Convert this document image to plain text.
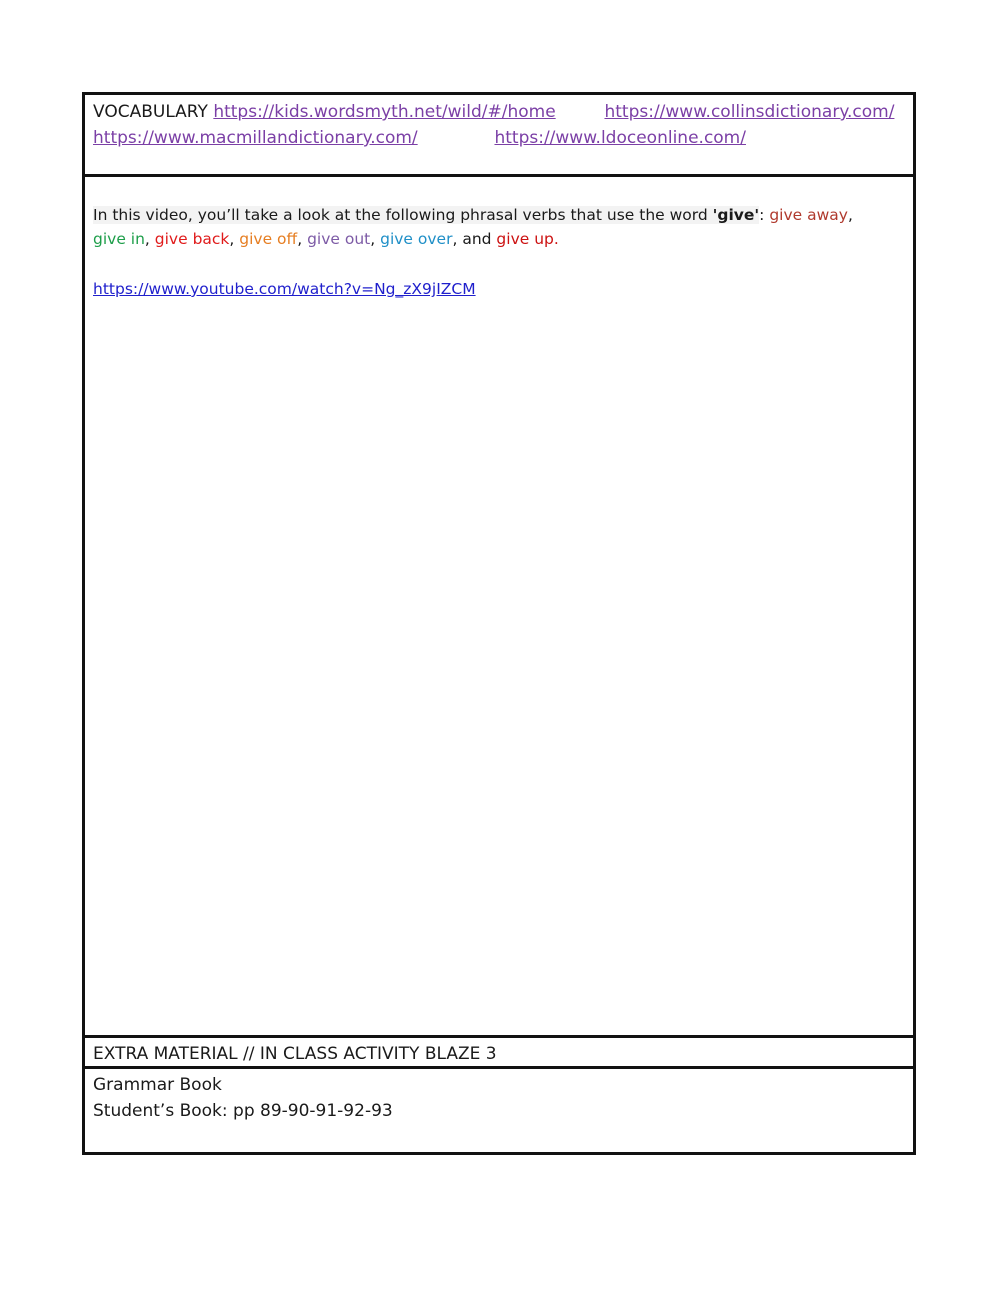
VOCABULARY https://kids.wordsmyth.net/wild/#/home	https://www.collinsdictionary.com/
https://www.macmillandictionary.com/	https://www.ldoceonline.com/
In this video, you’ll take a look at the following phrasal verbs that use the word 'give': give away,
give in, give back, give off, give out, give over, and give up.
https://www.youtube.com/watch?v=Ng_zX9jIZCM
EXTRA MATERIAL // IN CLASS ACTIVITY BLAZE 3
Grammar Book
Student’s Book: pp 89-90-91-92-93
